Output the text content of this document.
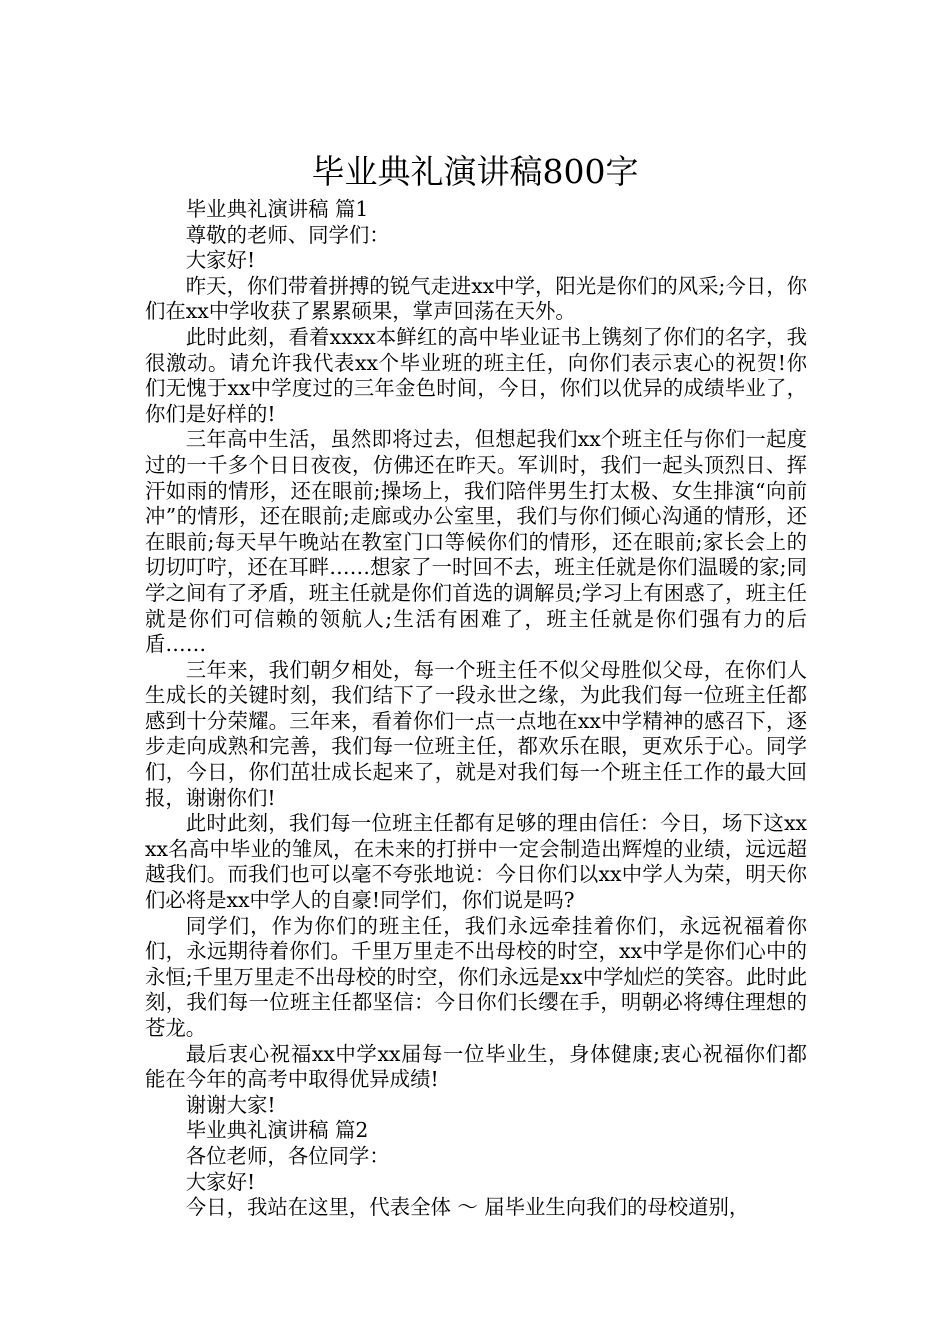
毕业典礼演讲稿800字

毕业典礼演讲稿 篇1

尊敬的老师、同学们：

大家好!

昨天，你们带着拼搏的锐气走进xx中学，阳光是你们的风采;今日，你们在xx中学收获了累累硕果，掌声回荡在天外。

此时此刻，看着xxxx本鲜红的高中毕业证书上镌刻了你们的名字，我很激动。请允许我代表xx个毕业班的班主任，向你们表示衷心的祝贺!你们无愧于xx中学度过的三年金色时间，今日，你们以优异的成绩毕业了，你们是好样的!

三年高中生活，虽然即将过去，但想起我们xx个班主任与你们一起度过的一千多个日日夜夜，仿佛还在昨天。军训时，我们一起头顶烈日、挥汗如雨的情形，还在眼前;操场上，我们陪伴男生打太极、女生排演“向前冲”的情形，还在眼前;走廊或办公室里，我们与你们倾心沟通的情形，还在眼前;每天早午晚站在教室门口等候你们的情形，还在眼前;家长会上的切切叮咛，还在耳畔……想家了一时回不去，班主任就是你们温暖的家;同学之间有了矛盾，班主任就是你们首选的调解员;学习上有困惑了，班主任就是你们可信赖的领航人;生活有困难了，班主任就是你们强有力的后盾……

三年来，我们朝夕相处，每一个班主任不似父母胜似父母，在你们人生成长的关键时刻，我们结下了一段永世之缘，为此我们每一位班主任都感到十分荣耀。三年来，看着你们一点一点地在xx中学精神的感召下，逐步走向成熟和完善，我们每一位班主任，都欢乐在眼，更欢乐于心。同学们，今日，你们茁壮成长起来了，就是对我们每一个班主任工作的最大回报，谢谢你们!

此时此刻，我们每一位班主任都有足够的理由信任：今日，场下这xxxx名高中毕业的雏凤，在未来的打拼中一定会制造出辉煌的业绩，远远超越我们。而我们也可以毫不夸张地说：今日你们以xx中学人为荣，明天你们必将是xx中学人的自豪!同学们，你们说是吗?

同学们，作为你们的班主任，我们永远牵挂着你们，永远祝福着你们，永远期待着你们。千里万里走不出母校的时空，xx中学是你们心中的永恒;千里万里走不出母校的时空，你们永远是xx中学灿烂的笑容。此时此刻，我们每一位班主任都坚信：今日你们长缨在手，明朝必将缚住理想的苍龙。

最后衷心祝福xx中学xx届每一位毕业生，身体健康;衷心祝福你们都能在今年的高考中取得优异成绩!

谢谢大家!

毕业典礼演讲稿 篇2

各位老师，各位同学：

大家好!

今日，我站在这里，代表全体 ～ 届毕业生向我们的母校道别，
